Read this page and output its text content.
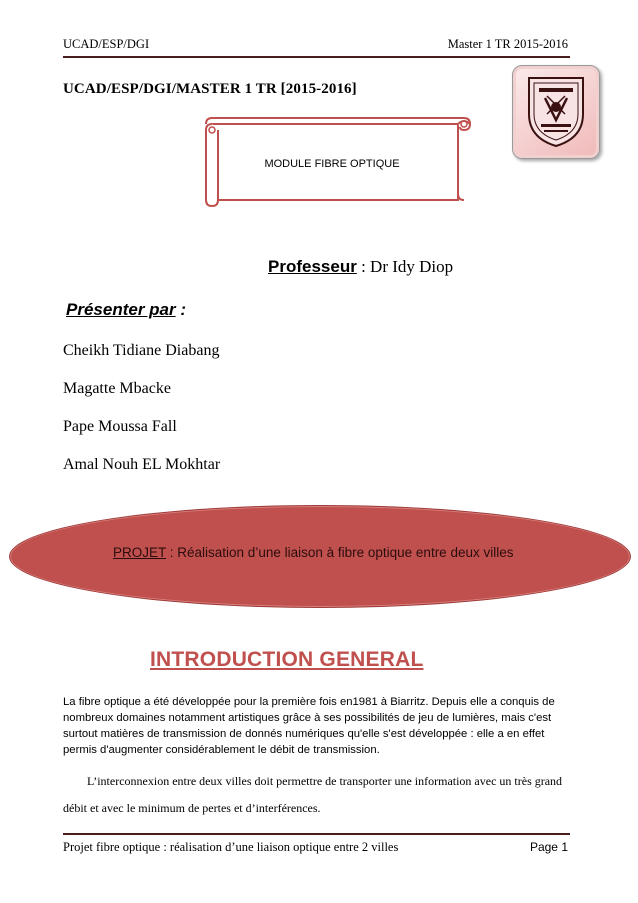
UCAD/ESP/DGI	Master 1 TR 2015-2016
UCAD/ESP/DGI/MASTER 1 TR [2015-2016]
MODULE FIBRE OPTIQUE
Professeur : Dr Idy Diop
Présenter par :
Cheikh Tidiane Diabang
Magatte Mbacke
Pape Moussa Fall
Amal Nouh EL Mokhtar
PROJET : Réalisation d’une liaison à fibre optique entre deux villes
INTRODUCTION GENERAL
La fibre optique a été développée pour la première fois en1981 à Biarritz. Depuis elle a conquis de nombreux domaines notamment artistiques grâce à ses possibilités de jeu de lumières, mais c'est surtout matières de transmission de donnés numériques qu'elle s'est développée : elle a en effet permis d'augmenter considérablement le débit de transmission.
L’interconnexion entre deux villes doit permettre de transporter une information avec un très grand débit et avec le minimum de pertes et d’interférences.
Projet fibre optique : réalisation d’une liaison optique entre 2 villes	Page 1
